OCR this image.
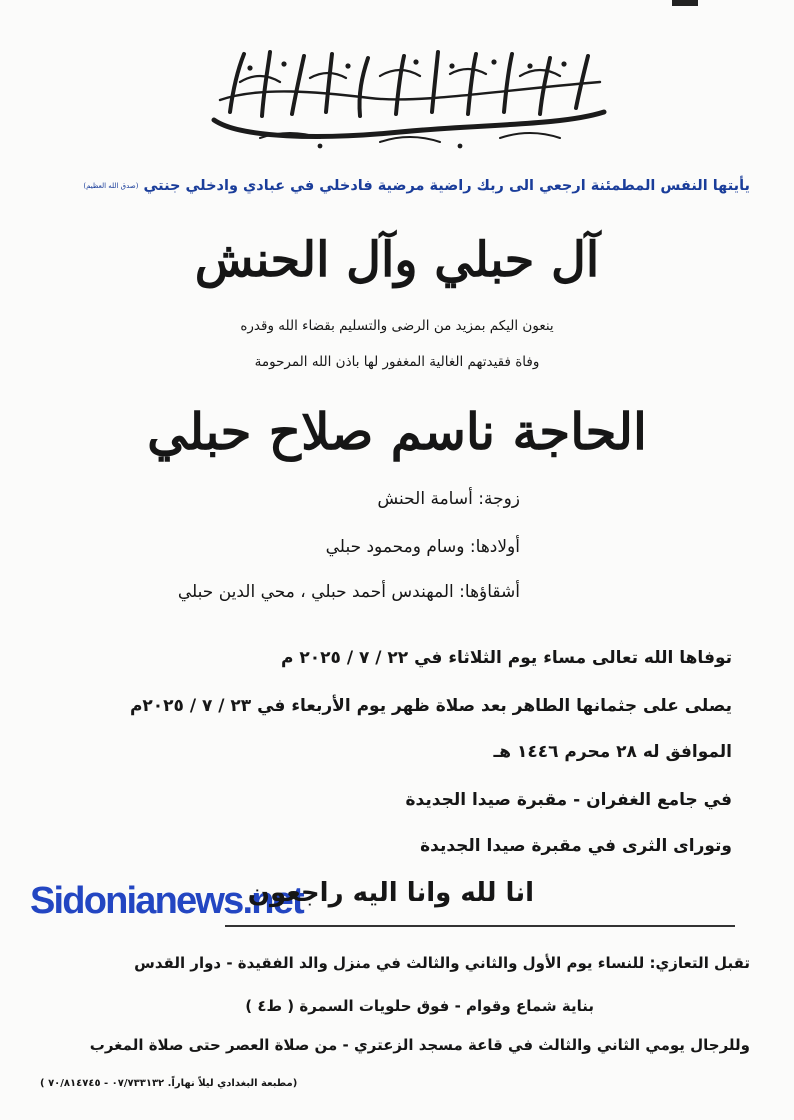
يأيتها النفس المطمئنة ارجعي الى ربك راضية مرضية فادخلي في عبادي وادخلي جنتي (صدق الله العظيم)
آل حبلي وآل الحنش
ينعون اليكم بمزيد من الرضى والتسليم بقضاء الله وقدره
وفاة فقيدتهم الغالية المغفور لها باذن الله المرحومة
الحاجة ناسم صلاح حبلي
زوجة: أسامة الحنش
أولادها: وسام ومحمود حبلي
أشقاؤها: المهندس أحمد حبلي ، محي الدين حبلي
توفاها الله تعالى مساء يوم الثلاثاء في ٢٢ / ٧ / ٢٠٢٥ م
يصلى على جثمانها الطاهر بعد صلاة ظهر يوم الأربعاء في ٢٣ / ٧ / ٢٠٢٥م
الموافق له ٢٨ محرم ١٤٤٦ هـ
في جامع الغفران - مقبرة صيدا الجديدة
وتوراى الثرى في مقبرة صيدا الجديدة
Sidonianews.net
انا لله وانا اليه راجعون
تقبل التعازي: للنساء يوم الأول والثاني والثالث في منزل والد الفقيدة - دوار القدس
بناية شماع وقوام - فوق حلويات السمرة ( ط٤ )
وللرجال يومي الثاني والثالث في قاعة مسجد الزعتري - من صلاة العصر حتى صلاة المغرب
(مطبعة البغدادي ليلاً نهاراً. ٠٧/٧٣٣١٣٢ - ٧٠/٨١٤٧٤٥ )
